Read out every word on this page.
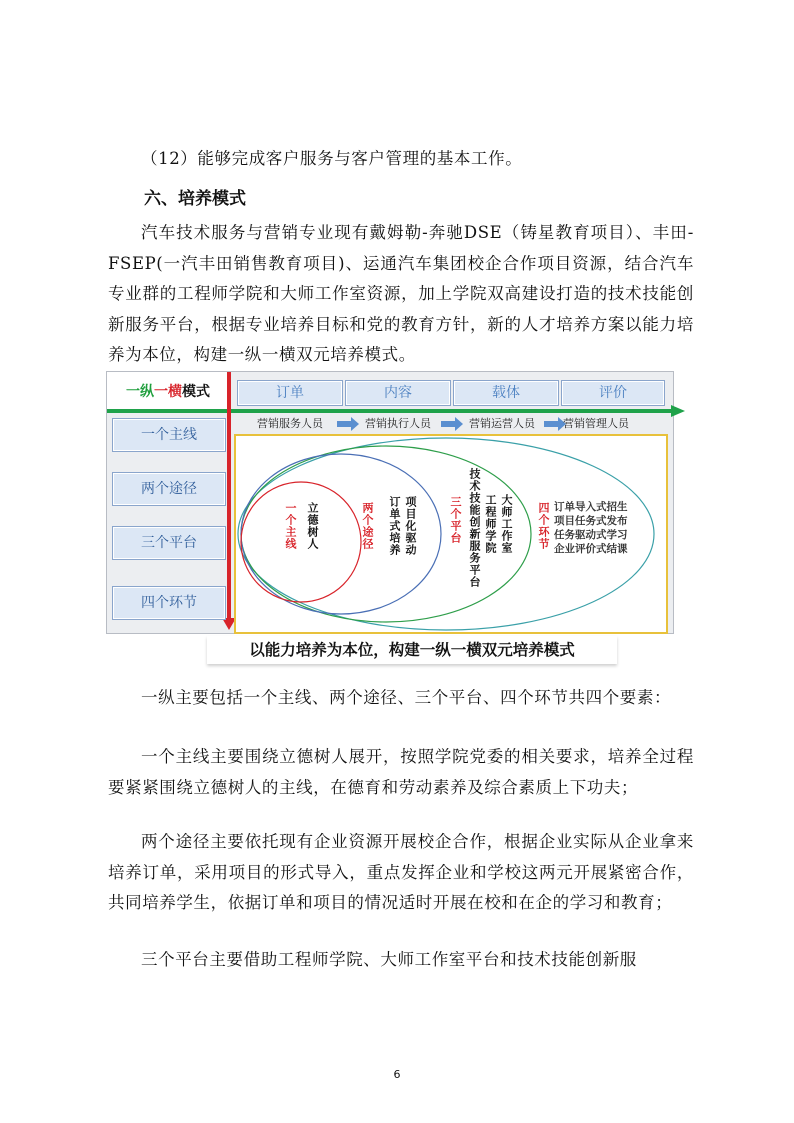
（12）能够完成客户服务与客户管理的基本工作。
六、培养模式
汽车技术服务与营销专业现有戴姆勒-奔驰DSE（铸星教育项目）、丰田-FSEP(一汽丰田销售教育项目)、运通汽车集团校企合作项目资源，结合汽车专业群的工程师学院和大师工作室资源，加上学院双高建设打造的技术技能创新服务平台，根据专业培养目标和党的教育方针，新的人才培养方案以能力培养为本位，构建一纵一横双元培养模式。
一纵一横模式	订单	内容	载体	评价
一个主线
两个途径
三个平台
四个环节
营销服务人员	营销执行人员	营销运营人员	营销管理人员
一个主线 立德树人	两个途径 订单式培养 项目化驱动	三个平台 技术技能创新服务平台 工程师学院 大师工作室 四个环节 订单导入式招生
项目任务式发布
任务驱动式学习
企业评价式结课
以能力培养为本位，构建一纵一横双元培养模式
一纵主要包括一个主线、两个途径、三个平台、四个环节共四个要素：
一个主线主要围绕立德树人展开，按照学院党委的相关要求，培养全过程要紧紧围绕立德树人的主线，在德育和劳动素养及综合素质上下功夫；
两个途径主要依托现有企业资源开展校企合作，根据企业实际从企业拿来培养订单，采用项目的形式导入，重点发挥企业和学校这两元开展紧密合作，共同培养学生，依据订单和项目的情况适时开展在校和在企的学习和教育；
三个平台主要借助工程师学院、大师工作室平台和技术技能创新服
6
